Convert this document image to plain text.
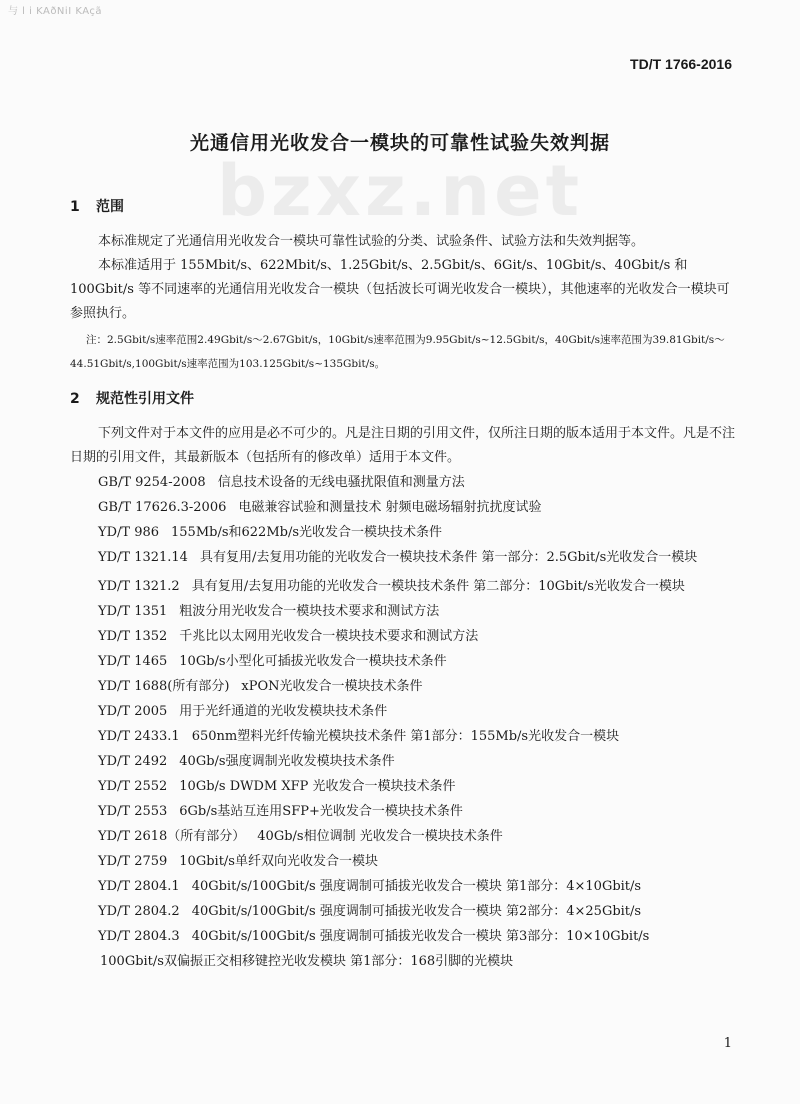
与 l i KAðNiI KAçã
TD/T 1766-2016
bzxz.net
光通信用光收发合一模块的可靠性试验失效判据
1 范围
本标准规定了光通信用光收发合一模块可靠性试验的分类、试验条件、试验方法和失效判据等。
本标准适用于 155Mbit/s、622Mbit/s、1.25Gbit/s、2.5Gbit/s、6Git/s、10Gbit/s、40Gbit/s 和 100Gbit/s 等不同速率的光通信用光收发合一模块（包括波长可调光收发合一模块），其他速率的光收发合一模块可参照执行。
注：2.5Gbit/s速率范围2.49Gbit/s～2.67Gbit/s，10Gbit/s速率范围为9.95Gbit/s~12.5Gbit/s，40Gbit/s速率范围为39.81Gbit/s～44.51Gbit/s,100Gbit/s速率范围为103.125Gbit/s~135Gbit/s。
2 规范性引用文件
下列文件对于本文件的应用是必不可少的。凡是注日期的引用文件，仅所注日期的版本适用于本文件。凡是不注日期的引用文件，其最新版本（包括所有的修改单）适用于本文件。
GB/T 9254-2008 信息技术设备的无线电骚扰限值和测量方法
GB/T 17626.3-2006 电磁兼容试验和测量技术 射频电磁场辐射抗扰度试验
YD/T 986 155Mb/s和622Mb/s光收发合一模块技术条件
YD/T 1321.14 具有复用/去复用功能的光收发合一模块技术条件 第一部分：2.5Gbit/s光收发合一模块
YD/T 1321.2 具有复用/去复用功能的光收发合一模块技术条件 第二部分：10Gbit/s光收发合一模块
YD/T 1351 粗波分用光收发合一模块技术要求和测试方法
YD/T 1352 千兆比以太网用光收发合一模块技术要求和测试方法
YD/T 1465 10Gb/s小型化可插拔光收发合一模块技术条件
YD/T 1688(所有部分) xPON光收发合一模块技术条件
YD/T 2005 用于光纤通道的光收发模块技术条件
YD/T 2433.1 650nm塑料光纤传输光模块技术条件 第1部分：155Mb/s光收发合一模块
YD/T 2492 40Gb/s强度调制光收发模块技术条件
YD/T 2552 10Gb/s DWDM XFP 光收发合一模块技术条件
YD/T 2553 6Gb/s基站互连用SFP+光收发合一模块技术条件
YD/T 2618（所有部分） 40Gb/s相位调制 光收发合一模块技术条件
YD/T 2759 10Gbit/s单纤双向光收发合一模块
YD/T 2804.1 40Gbit/s/100Gbit/s 强度调制可插拔光收发合一模块 第1部分：4×10Gbit/s
YD/T 2804.2 40Gbit/s/100Gbit/s 强度调制可插拔光收发合一模块 第2部分：4×25Gbit/s
YD/T 2804.3 40Gbit/s/100Gbit/s 强度调制可插拔光收发合一模块 第3部分：10×10Gbit/s
100Gbit/s双偏振正交相移键控光收发模块 第1部分：168引脚的光模块
1
